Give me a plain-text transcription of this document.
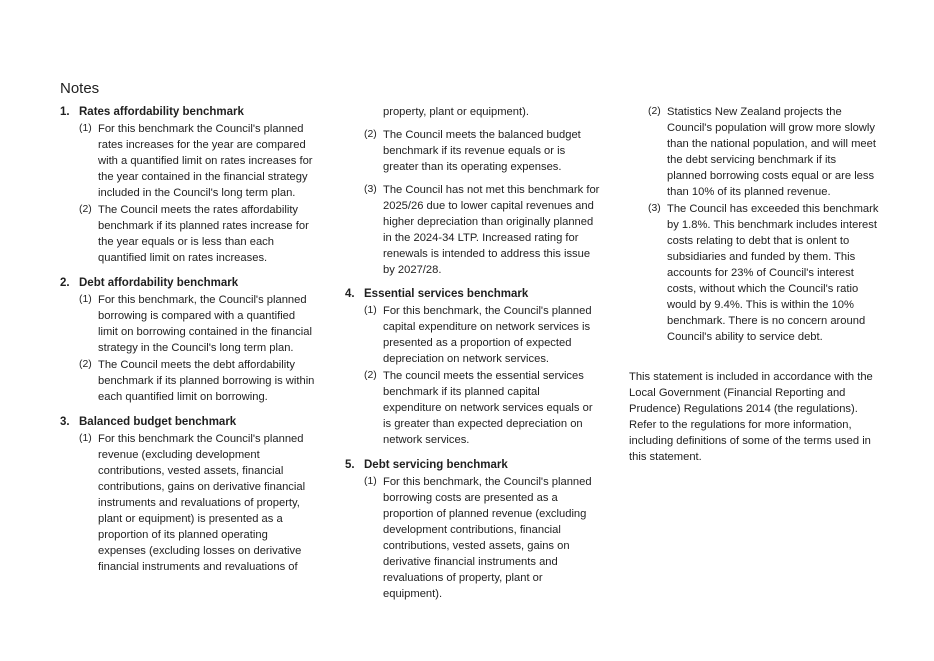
Notes
1. Rates affordability benchmark
(1) For this benchmark the Council's planned rates increases for the year are compared with a quantified limit on rates increases for the year contained in the financial strategy included in the Council's long term plan.
(2) The Council meets the rates affordability benchmark if its planned rates increase for the year equals or is less than each quantified limit on rates increases.
2. Debt affordability benchmark
(1) For this benchmark, the Council's planned borrowing is compared with a quantified limit on borrowing contained in the financial strategy in the Council's long term plan.
(2) The Council meets the debt affordability benchmark if its planned borrowing is within each quantified limit on borrowing.
3. Balanced budget benchmark
(1) For this benchmark the Council's planned revenue (excluding development contributions, vested assets, financial contributions, gains on derivative financial instruments and revaluations of property, plant or equipment) is presented as a proportion of its planned operating expenses (excluding losses on derivative financial instruments and revaluations of
property, plant or equipment).
(2) The Council meets the balanced budget benchmark if its revenue equals or is greater than its operating expenses.
(3) The Council has not met this benchmark for 2025/26 due to lower capital revenues and higher depreciation than originally planned in the 2024-34 LTP. Increased rating for renewals is intended to address this issue by 2027/28.
4. Essential services benchmark
(1) For this benchmark, the Council's planned capital expenditure on network services is presented as a proportion of expected depreciation on network services.
(2) The council meets the essential services benchmark if its planned capital expenditure on network services equals or is greater than expected depreciation on network services.
5. Debt servicing benchmark
(1) For this benchmark, the Council's planned borrowing costs are presented as a proportion of planned revenue (excluding development contributions, financial contributions, vested assets, gains on derivative financial instruments and revaluations of property, plant or equipment).
(2) Statistics New Zealand projects the Council's population will grow more slowly than the national population, and will meet the debt servicing benchmark if its planned borrowing costs equal or are less than 10% of its planned revenue.
(3) The Council has exceeded this benchmark by 1.8%. This benchmark includes interest costs relating to debt that is onlent to subsidiaries and funded by them. This accounts for 23% of Council's interest costs, without which the Council's ratio would by 9.4%. This is within the 10% benchmark. There is no concern around Council's ability to service debt.

This statement is included in accordance with the Local Government (Financial Reporting and Prudence) Regulations 2014 (the regulations). Refer to the regulations for more information, including definitions of some of the terms used in this statement.
